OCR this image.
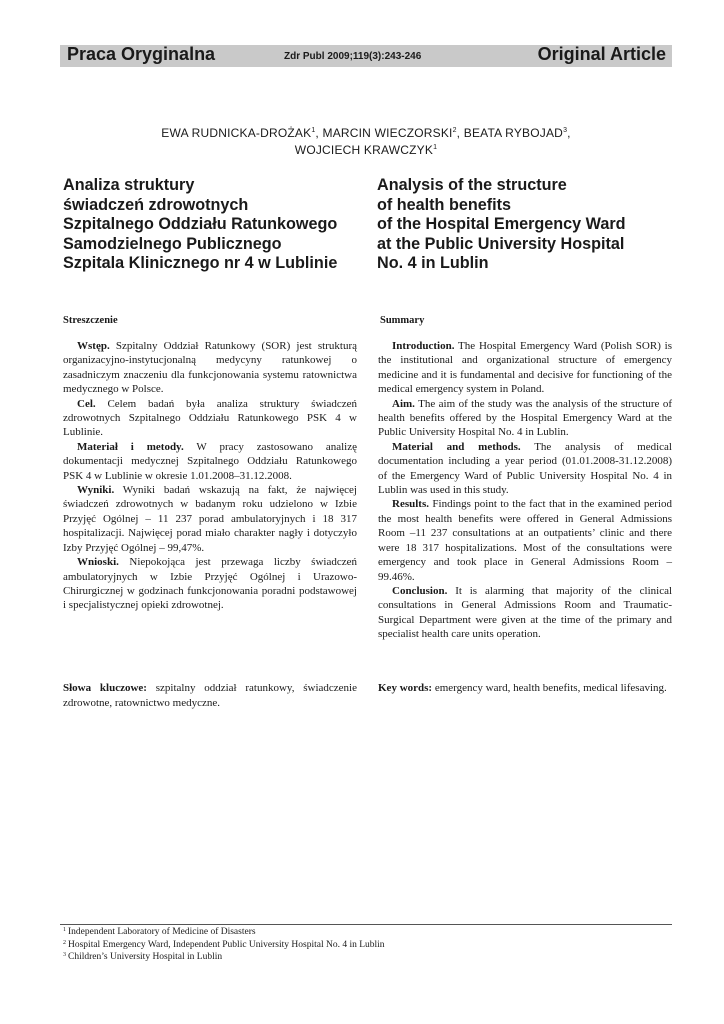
Praca Oryginalna	Zdr Publ 2009;119(3):243-246	Original Article
EWA RUDNICKA-DROŻAK$^1$, MARCIN WIECZORSKI$^2$, BEATA RYBOJAD$^3$,
WOJCIECH KRAWCZYK$^1$
Analiza struktury
świadczeń zdrowotnych
Szpitalnego Oddziału Ratunkowego
Samodzielnego Publicznego
Szpitala Klinicznego nr 4 w Lublinie
Analysis of the structure
of health benefits
of the Hospital Emergency Ward
at the Public University Hospital
No. 4 in Lublin
Streszczenie	Summary

Wstęp. Szpitalny Oddział Ratunkowy (SOR) jest strukturą organizacyjno-instytucjonalną medycyny ratunkowej o zasadniczym znaczeniu dla funkcjonowania systemu ratownictwa medycznego w Polsce.

Cel. Celem badań była analiza struktury świadczeń zdrowotnych Szpitalnego Oddziału Ratunkowego PSK 4 w Lublinie.

Materiał i metody. W pracy zastosowano analizę dokumentacji medycznej Szpitalnego Oddziału Ratunkowego PSK 4 w Lublinie w okresie 1.01.2008–31.12.2008.

Wyniki. Wyniki badań wskazują na fakt, że najwięcej świadczeń zdrowotnych w badanym roku udzielono w Izbie Przyjęć Ogólnej – 11 237 porad ambulatoryjnych i 18 317 hospitalizacji. Najwięcej porad miało charakter nagły i dotyczyło Izby Przyjęć Ogólnej – 99,47%.

Wnioski. Niepokojąca jest przewaga liczby świadczeń ambulatoryjnych w Izbie Przyjęć Ogólnej i Urazowo-Chirurgicznej w godzinach funkcjonowania poradni podstawowej i specjalistycznej opieki zdrowotnej.

Introduction. The Hospital Emergency Ward (Polish SOR) is the institutional and organizational structure of emergency medicine and it is fundamental and decisive for functioning of the medical emergency system in Poland.

Aim. The aim of the study was the analysis of the structure of health benefits offered by the Hospital Emergency Ward at the Public University Hospital No. 4 in Lublin.

Material and methods. The analysis of medical documentation including a year period (01.01.2008-31.12.2008) of the Emergency Ward of Public University Hospital No. 4 in Lublin was used in this study.

Results. Findings point to the fact that in the examined period the most health benefits were offered in General Admissions Room –11 237 consultations at an outpatients’ clinic and there were 18 317 hospitalizations. Most of the consultations were emergency and took place in General Admissions Room – 99.46%.

Conclusion. It is alarming that majority of the clinical consultations in General Admissions Room and Traumatic-Surgical Department were given at the time of the primary and specialist health care units operation.

Słowa kluczowe: szpitalny oddział ratunkowy, świadczenie zdrowotne, ratownictwo medyczne.
Key words: emergency ward, health benefits, medical lifesaving.
$^1$ Independent Laboratory of Medicine of Disasters
$^2$ Hospital Emergency Ward, Independent Public University Hospital No. 4 in Lublin
$^3$ Children’s University Hospital in Lublin
